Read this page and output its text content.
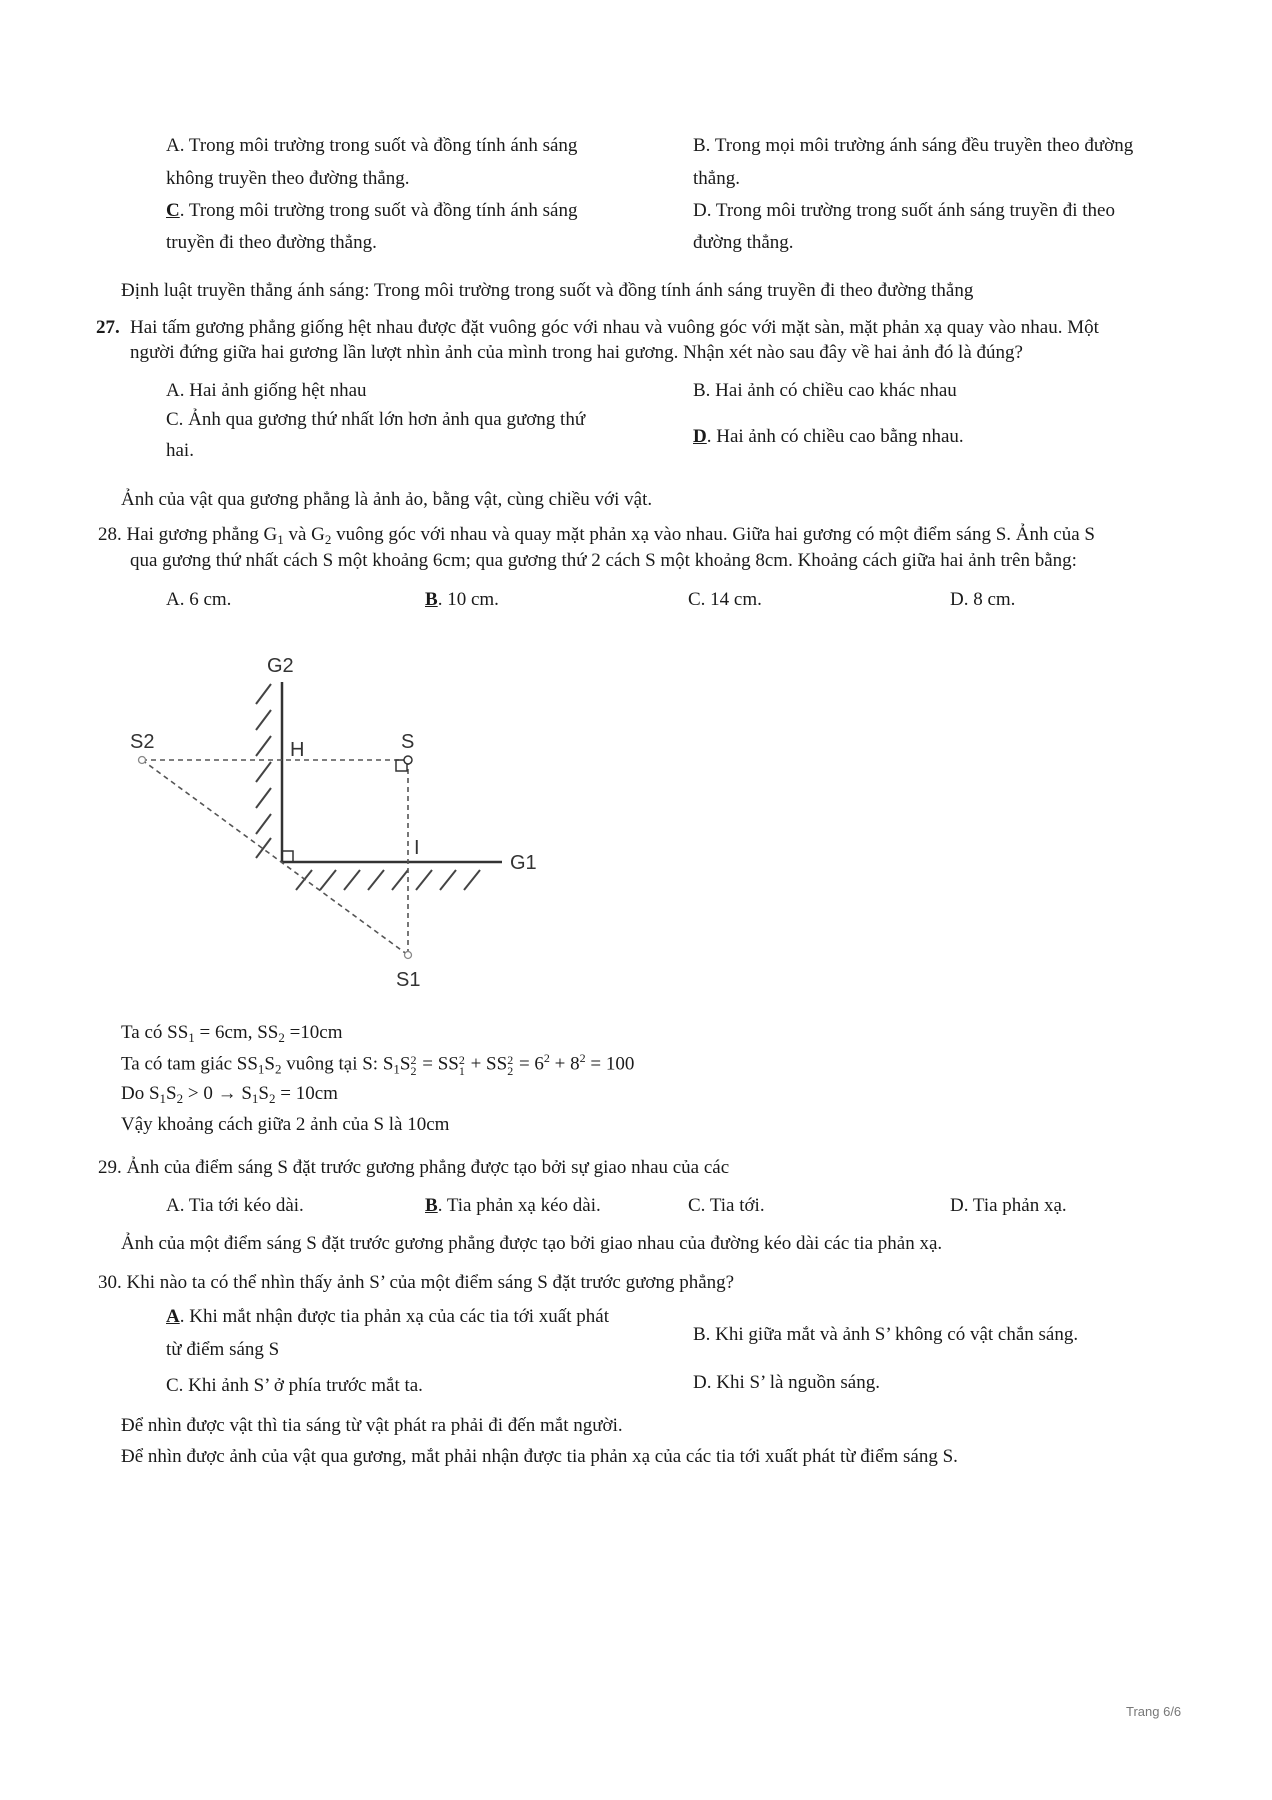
A. Trong môi trường trong suốt và đồng tính ánh sáng
không truyền theo đường thẳng.
B. Trong mọi môi trường ánh sáng đều truyền theo đường
thẳng.
C. Trong môi trường trong suốt và đồng tính ánh sáng
truyền đi theo đường thẳng.
D. Trong môi trường trong suốt ánh sáng truyền đi theo
đường thẳng.
Định luật truyền thẳng ánh sáng: Trong môi trường trong suốt và đồng tính ánh sáng truyền đi theo đường thẳng
27. Hai tấm gương phẳng giống hệt nhau được đặt vuông góc với nhau và vuông góc với mặt sàn, mặt phản xạ quay vào nhau. Một
người đứng giữa hai gương lần lượt nhìn ảnh của mình trong hai gương. Nhận xét nào sau đây về hai ảnh đó là đúng?
A. Hai ảnh giống hệt nhau	B. Hai ảnh có chiều cao khác nhau
C. Ảnh qua gương thứ nhất lớn hơn ảnh qua gương thứ
hai.
D. Hai ảnh có chiều cao bằng nhau.
Ảnh của vật qua gương phẳng là ảnh ảo, bằng vật, cùng chiều với vật.
28. Hai gương phẳng $G_1$ và $G_2$ vuông góc với nhau và quay mặt phản xạ vào nhau. Giữa hai gương có một điểm sáng S. Ảnh của S
qua gương thứ nhất cách S một khoảng 6cm; qua gương thứ 2 cách S một khoảng 8cm. Khoảng cách giữa hai ảnh trên bằng:
A. 6 cm.	B. 10 cm.	C. 14 cm.	D. 8 cm.
G2
G1
S
S2
S1
H
I
Ta có $SS_1 = 6cm$, $SS_2 =10cm$
Ta có tam giác $SS_1S_2$ vuông tại S: $S_1S$ 2
2 = SS 2
1 + SS 2
$2 = 6^2 + 8^2 = 100$
Do $S_1S_2 > 0 \to S_1S_2 = 10cm$
Vậy khoảng cách giữa 2 ảnh của S là 10cm
29. Ảnh của điểm sáng S đặt trước gương phẳng được tạo bởi sự giao nhau của các
A. Tia tới kéo dài.	B. Tia phản xạ kéo dài.	C. Tia tới.	D. Tia phản xạ.
Ảnh của một điểm sáng S đặt trước gương phẳng được tạo bởi giao nhau của đường kéo dài các tia phản xạ.
30. Khi nào ta có thể nhìn thấy ảnh S’ của một điểm sáng S đặt trước gương phẳng?
A. Khi mắt nhận được tia phản xạ của các tia tới xuất phát
từ điểm sáng S
B. Khi giữa mắt và ảnh S’ không có vật chắn sáng.
C. Khi ảnh S’ ở phía trước mắt ta.	D. Khi S’ là nguồn sáng.
Để nhìn được vật thì tia sáng từ vật phát ra phải đi đến mắt người.
Để nhìn được ảnh của vật qua gương, mắt phải nhận được tia phản xạ của các tia tới xuất phát từ điểm sáng S.
Trang 6/6
